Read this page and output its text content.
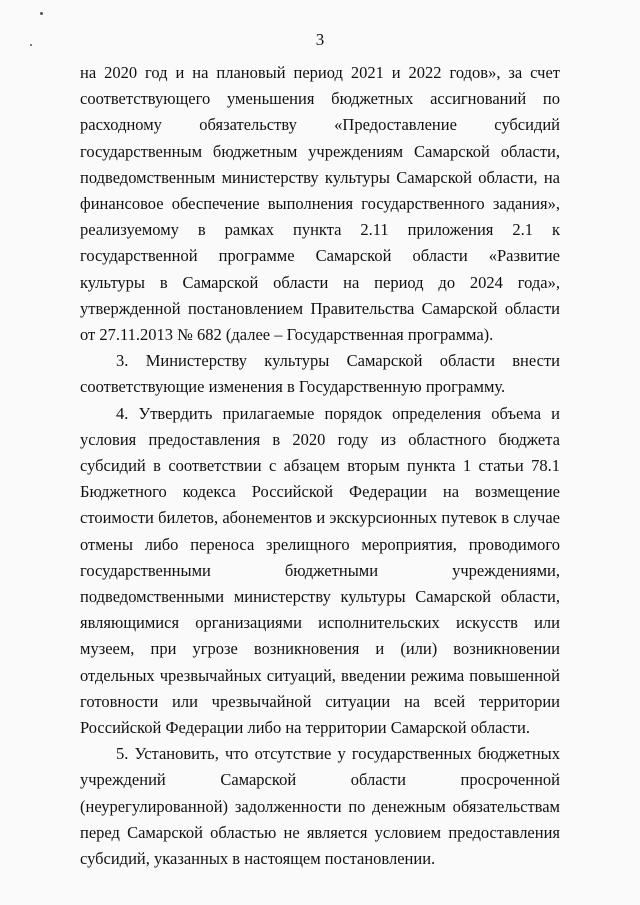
3

на 2020 год и на плановый период 2021 и 2022 годов», за счет соответствующего уменьшения бюджетных ассигнований по расходному обязательству «Предоставление субсидий государственным бюджетным учреждениям Самарской области, подведомственным министерству культуры Самарской области, на финансовое обеспечение выполнения государственного задания», реализуемому в рамках пункта 2.11 приложения 2.1 к государственной программе Самарской области «Развитие культуры в Самарской области на период до 2024 года», утвержденной постановлением Правительства Самарской области от 27.11.2013 № 682 (далее – Государственная программа).

3. Министерству культуры Самарской области внести соответствующие изменения в Государственную программу.

4. Утвердить прилагаемые порядок определения объема и условия предоставления в 2020 году из областного бюджета субсидий в соответствии с абзацем вторым пункта 1 статьи 78.1 Бюджетного кодекса Российской Федерации на возмещение стоимости билетов, абонементов и экскурсионных путевок в случае отмены либо переноса зрелищного мероприятия, проводимого государственными бюджетными учреждениями, подведомственными министерству культуры Самарской области, являющимися организациями исполнительских искусств или музеем, при угрозе возникновения и (или) возникновении отдельных чрезвычайных ситуаций, введении режима повышенной готовности или чрезвычайной ситуации на всей территории Российской Федерации либо на территории Самарской области.

5. Установить, что отсутствие у государственных бюджетных учреждений Самарской области просроченной (неурегулированной) задолженности по денежным обязательствам перед Самарской областью не является условием предоставления субсидий, указанных в настоящем постановлении.
